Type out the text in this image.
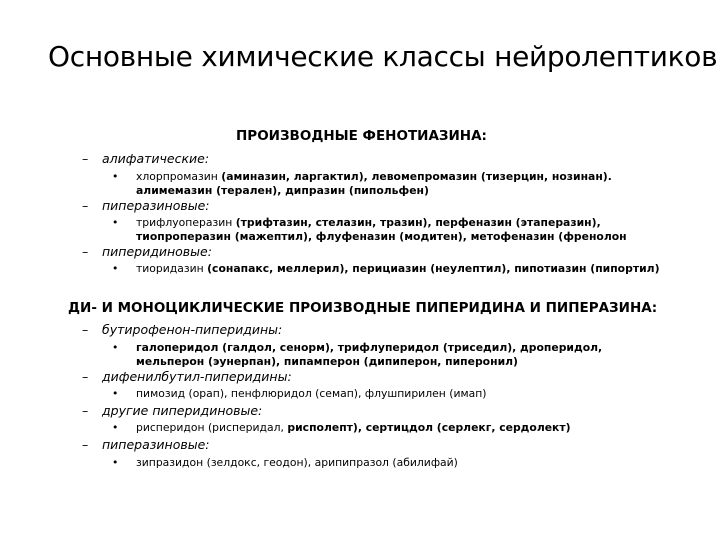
Основные химические классы нейролептиков
ПРОИЗВОДНЫЕ ФЕНОТИАЗИНА:
– алифатические:
• хлорпромазин (аминазин, ларгактил), левомепромазин (тизерцин, нозинан). алимемазин (терален), дипразин (пипольфен)
– пиперазиновые:
• трифлуоперазин (трифтазин, стелазин, тразин), перфеназин (этаперазин), тиопроперазин (мажептил), флуфеназин (модитен), метофеназин (френолон
– пиперидиновые:
• тиоридазин (сонапакс, меллерил), перициазин (неулептил), пипотиазин (пипортил)
ДИ- И МОНОЦИКЛИЧЕСКИЕ ПРОИЗВОДНЫЕ ПИПЕРИДИНА И ПИПЕРАЗИНА:
– бутирофенон-пиперидины:
• галоперидол (галдол, сенорм), трифлуперидол (триседил), дроперидол, мельперон (эунерпан), пипамперон (дипиперон, пиперонил)
– дифенилбутил-пиперидины:
• пимозид (орап), пенфлюридол (семап), флушпирилен (имап)
– другие пиперидиновые:
• рисперидон (рисперидал, рисполепт), сертицдол (серлекг, сердолект)
– пиперазиновые:
• зипразидон (зелдокс, геодон), арипипразол (абилифай)
